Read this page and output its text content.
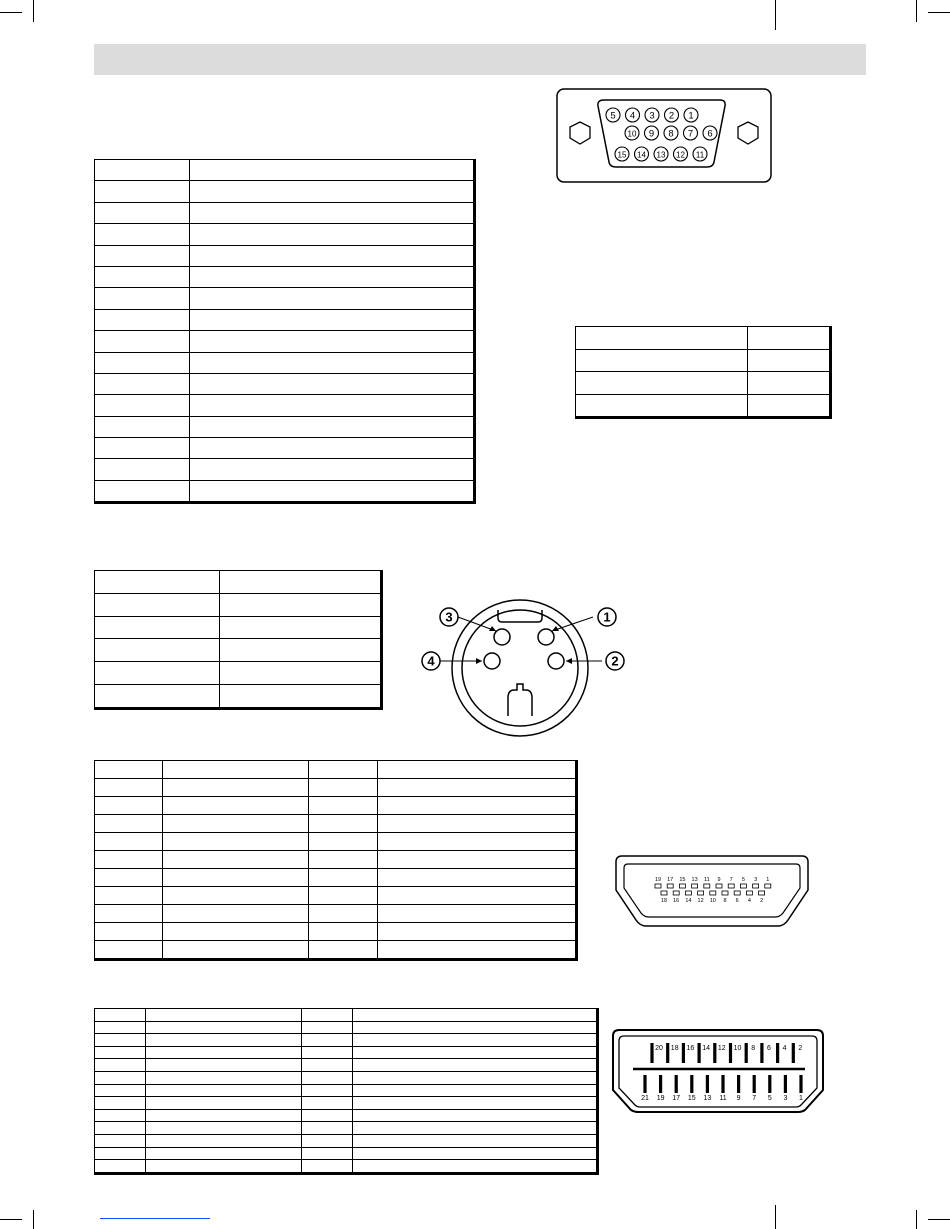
5 4 3 2 1
10 9 8 7 6
15 14 13 12 11

3	1
4	2

19 17 15 13 11 9 7 5 3 1
18 16 14 12 10 8 6 4 2

20 18 16 14 12 10 8 6 4 2
21 19 17 15 13 11 9 7 5 3 1
